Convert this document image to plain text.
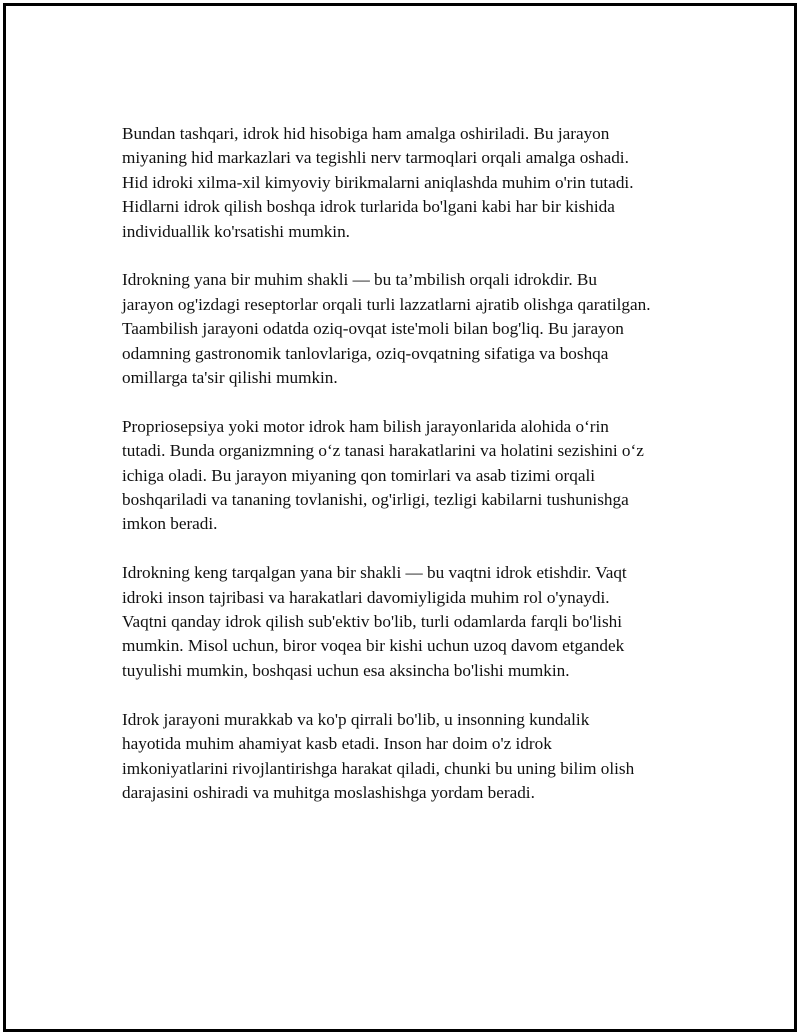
Bundan tashqari, idrok hid hisobiga ham amalga oshiriladi. Bu jarayon
miyaning hid markazlari va tegishli nerv tarmoqlari orqali amalga oshadi.
Hid idroki xilma-xil kimyoviy birikmalarni aniqlashda muhim o'rin tutadi.
Hidlarni idrok qilish boshqa idrok turlarida bo'lgani kabi har bir kishida
individuallik ko'rsatishi mumkin.

Idrokning yana bir muhim shakli — bu ta’mbilish orqali idrokdir. Bu
jarayon og'izdagi reseptorlar orqali turli lazzatlarni ajratib olishga qaratilgan.
Taambilish jarayoni odatda oziq-ovqat iste'moli bilan bog'liq. Bu jarayon
odamning gastronomik tanlovlariga, oziq-ovqatning sifatiga va boshqa
omillarga ta'sir qilishi mumkin.

Propriosepsiya yoki motor idrok ham bilish jarayonlarida alohida o‘rin
tutadi. Bunda organizmning o‘z tanasi harakatlarini va holatini sezishini o‘z
ichiga oladi. Bu jarayon miyaning qon tomirlari va asab tizimi orqali
boshqariladi va tananing tovlanishi, og'irligi, tezligi kabilarni tushunishga
imkon beradi.

Idrokning keng tarqalgan yana bir shakli — bu vaqtni idrok etishdir. Vaqt
idroki inson tajribasi va harakatlari davomiyligida muhim rol o'ynaydi.
Vaqtni qanday idrok qilish sub'ektiv bo'lib, turli odamlarda farqli bo'lishi
mumkin. Misol uchun, biror voqea bir kishi uchun uzoq davom etgandek
tuyulishi mumkin, boshqasi uchun esa aksincha bo'lishi mumkin.

Idrok jarayoni murakkab va ko'p qirrali bo'lib, u insonning kundalik
hayotida muhim ahamiyat kasb etadi. Inson har doim o'z idrok
imkoniyatlarini rivojlantirishga harakat qiladi, chunki bu uning bilim olish
darajasini oshiradi va muhitga moslashishga yordam beradi.
